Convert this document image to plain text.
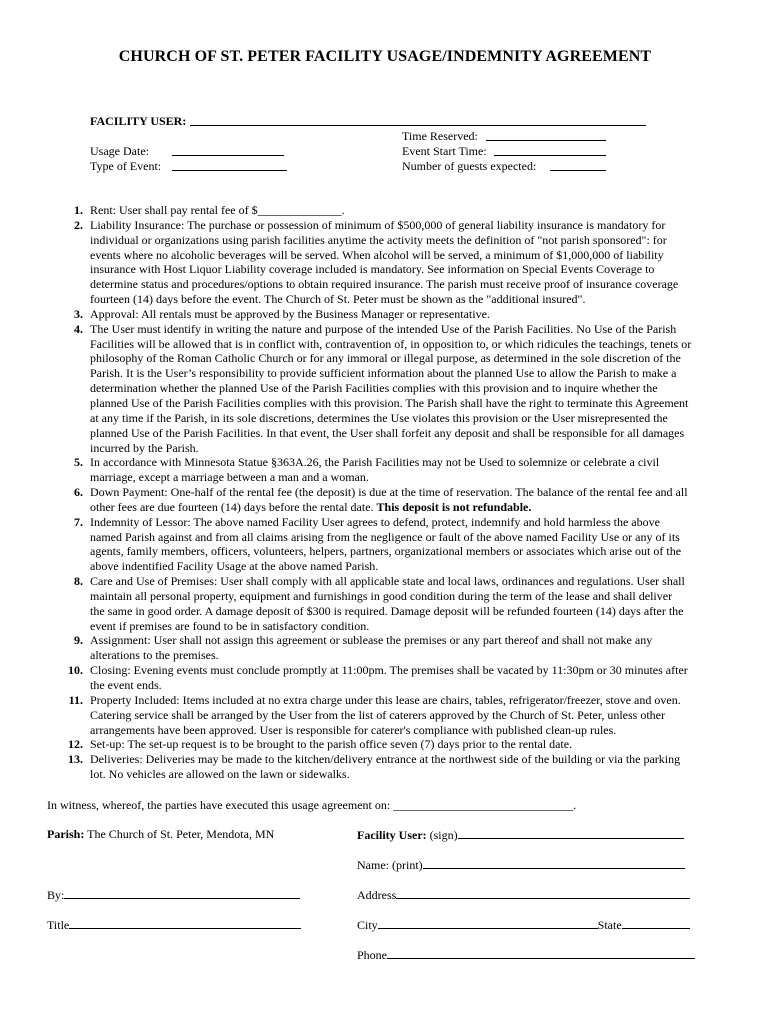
CHURCH OF ST. PETER FACILITY USAGE/INDEMNITY AGREEMENT
FACILITY USER:
Time Reserved:
Usage Date:	Event Start Time:
Type of Event:	Number of guests expected:
1. Rent: User shall pay rental fee of $______________.
2. Liability Insurance: The purchase or possession of minimum of $500,000 of general liability insurance is mandatory for
individual or organizations using parish facilities anytime the activity meets the definition of "not parish sponsored": for
events where no alcoholic beverages will be served. When alcohol will be served, a minimum of $1,000,000 of liability
insurance with Host Liquor Liability coverage included is mandatory. See information on Special Events Coverage to
determine status and procedures/options to obtain required insurance. The parish must receive proof of insurance coverage
fourteen (14) days before the event. The Church of St. Peter must be shown as the "additional insured".
3. Approval: All rentals must be approved by the Business Manager or representative.
4. The User must identify in writing the nature and purpose of the intended Use of the Parish Facilities. No Use of the Parish
Facilities will be allowed that is in conflict with, contravention of, in opposition to, or which ridicules the teachings, tenets or
philosophy of the Roman Catholic Church or for any immoral or illegal purpose, as determined in the sole discretion of the
Parish. It is the User’s responsibility to provide sufficient information about the planned Use to allow the Parish to make a
determination whether the planned Use of the Parish Facilities complies with this provision and to inquire whether the
planned Use of the Parish Facilities complies with this provision. The Parish shall have the right to terminate this Agreement
at any time if the Parish, in its sole discretions, determines the Use violates this provision or the User misrepresented the
planned Use of the Parish Facilities. In that event, the User shall forfeit any deposit and shall be responsible for all damages
incurred by the Parish.
5. In accordance with Minnesota Statue §363A.26, the Parish Facilities may not be Used to solemnize or celebrate a civil
marriage, except a marriage between a man and a woman.
6. Down Payment: One-half of the rental fee (the deposit) is due at the time of reservation. The balance of the rental fee and all
other fees are due fourteen (14) days before the rental date. This deposit is not refundable.
7. Indemnity of Lessor: The above named Facility User agrees to defend, protect, indemnify and hold harmless the above
named Parish against and from all claims arising from the negligence or fault of the above named Facility Use or any of its
agents, family members, officers, volunteers, helpers, partners, organizational members or associates which arise out of the
above indentified Facility Usage at the above named Parish.
8. Care and Use of Premises: User shall comply with all applicable state and local laws, ordinances and regulations. User shall
maintain all personal property, equipment and furnishings in good condition during the term of the lease and shall deliver
the same in good order. A damage deposit of $300 is required. Damage deposit will be refunded fourteen (14) days after the
event if premises are found to be in satisfactory condition.
9. Assignment: User shall not assign this agreement or sublease the premises or any part thereof and shall not make any
alterations to the premises.
10. Closing: Evening events must conclude promptly at 11:00pm. The premises shall be vacated by 11:30pm or 30 minutes after
the event ends.
11. Property Included: Items included at no extra charge under this lease are chairs, tables, refrigerator/freezer, stove and oven.
Catering service shall be arranged by the User from the list of caterers approved by the Church of St. Peter, unless other
arrangements have been approved. User is responsible for caterer's compliance with published clean-up rules.
12. Set-up: The set-up request is to be brought to the parish office seven (7) days prior to the rental date.
13. Deliveries: Deliveries may be made to the kitchen/delivery entrance at the northwest side of the building or via the parking
lot. No vehicles are allowed on the lawn or sidewalks.
In witness, whereof, the parties have executed this usage agreement on: ______________________________.
Parish: The Church of St. Peter, Mendota, MN	Facility User: (sign)
Name: (print)
By:	Address
Title	City	State
Phone
